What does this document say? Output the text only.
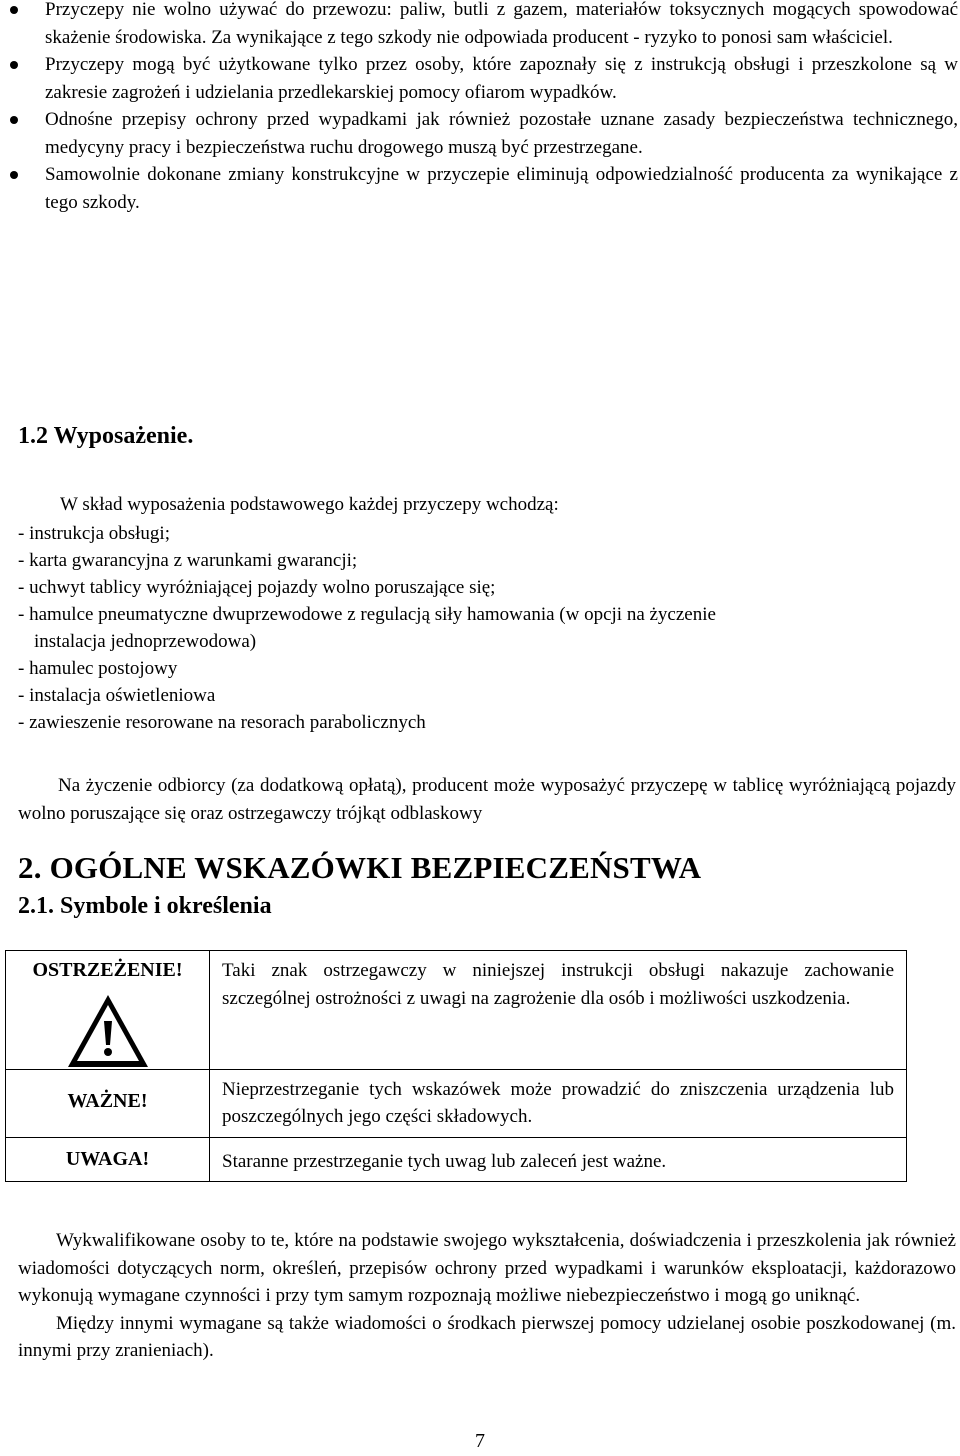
Przyczepy nie wolno używać do przewozu: paliw, butli z gazem, materiałów toksycznych mogących spowodować skażenie środowiska. Za wynikające z tego szkody nie odpowiada producent - ryzyko to ponosi sam właściciel.
Przyczepy mogą być użytkowane tylko przez osoby, które zapoznały się z instrukcją obsługi i przeszkolone są w zakresie zagrożeń i udzielania przedlekarskiej pomocy ofiarom wypadków.
Odnośne przepisy ochrony przed wypadkami jak również pozostałe uznane zasady bezpieczeństwa technicznego, medycyny pracy i bezpieczeństwa ruchu drogowego muszą być przestrzegane.
Samowolnie dokonane zmiany konstrukcyjne w przyczepie eliminują odpowiedzialność producenta za wynikające z tego szkody.
1.2 Wyposażenie.
W skład wyposażenia podstawowego każdej przyczepy wchodzą:
- instrukcja obsługi;
- karta gwarancyjna z warunkami gwarancji;
- uchwyt tablicy wyróżniającej pojazdy wolno poruszające się;
- hamulce pneumatyczne dwuprzewodowe z regulacją siły hamowania (w opcji na życzenie
instalacja jednoprzewodowa)
- hamulec postojowy
- instalacja oświetleniowa
- zawieszenie resorowane na resorach parabolicznych
Na życzenie odbiorcy (za dodatkową opłatą), producent może wyposażyć przyczepę w tablicę wyróżniającą pojazdy wolno poruszające się oraz ostrzegawczy trójkąt odblaskowy
2. OGÓLNE WSKAZÓWKI BEZPIECZEŃSTWA
2.1. Symbole i określenia
OSTRZEŻENIE!	Taki znak ostrzegawczy w niniejszej instrukcji obsługi nakazuje zachowanie szczególnej ostrożności z uwagi na zagrożenie dla osób i możliwości uszkodzenia.

WAŻNE!	Nieprzestrzeganie tych wskazówek może prowadzić do zniszczenia urządzenia lub poszczególnych jego części składowych.

UWAGA!	Staranne przestrzeganie tych uwag lub zaleceń jest ważne.

Wykwalifikowane osoby to te, które na podstawie swojego wykształcenia, doświadczenia i przeszkolenia jak również wiadomości dotyczących norm, określeń, przepisów ochrony przed wypadkami i warunków eksploatacji, każdorazowo wykonują wymagane czynności i przy tym samym rozpoznają możliwe niebezpieczeństwo i mogą go uniknąć.

Między innymi wymagane są także wiadomości o środkach pierwszej pomocy udzielanej osobie poszkodowanej (m. innymi przy zranieniach).

7
